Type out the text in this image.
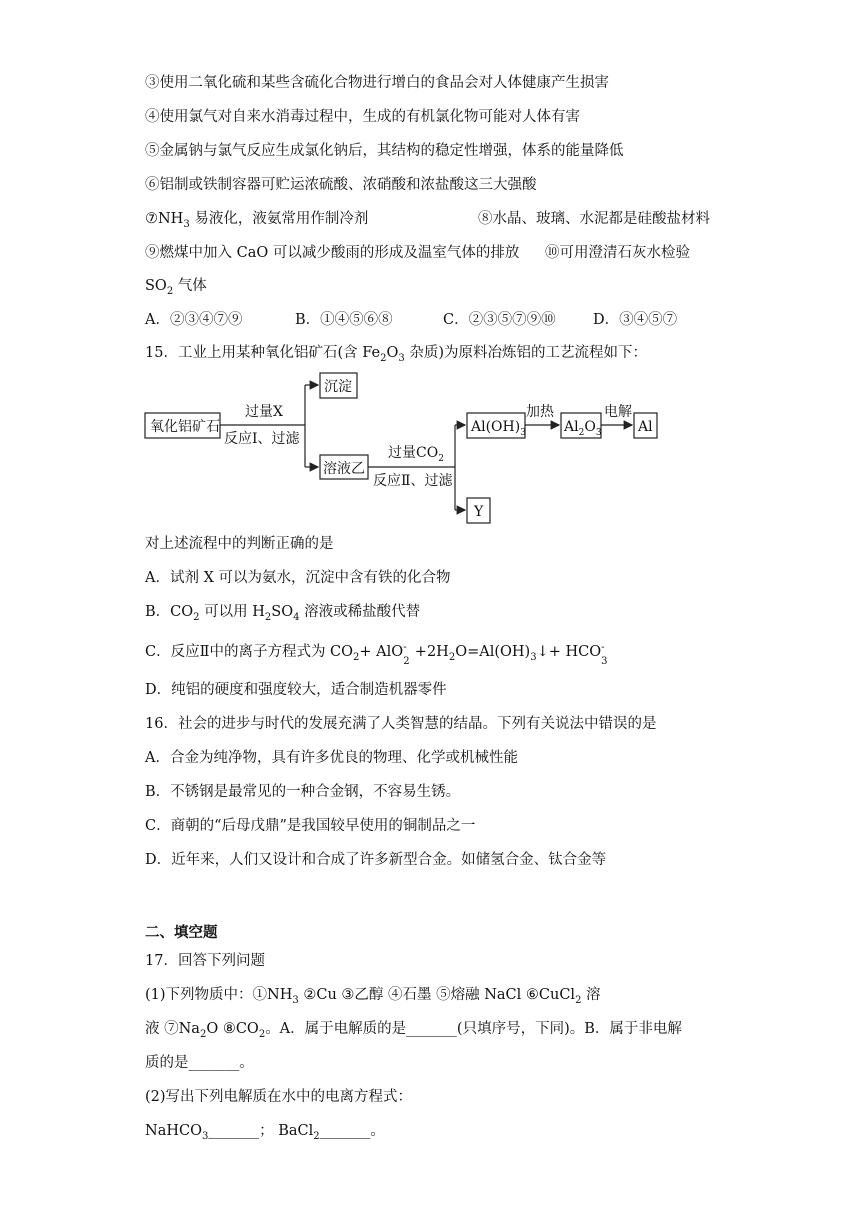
③使用二氧化硫和某些含硫化合物进行增白的食品会对人体健康产生损害
④使用氯气对自来水消毒过程中，生成的有机氯化物可能对人体有害
⑤金属钠与氯气反应生成氯化钠后，其结构的稳定性增强，体系的能量降低
⑥铝制或铁制容器可贮运浓硫酸、浓硝酸和浓盐酸这三大强酸
$⑦NH_3$ 易液化，液氨常用作制冷剂	⑧水晶、玻璃、水泥都是硅酸盐材料
⑨燃煤中加入 CaO 可以减少酸雨的形成及温室气体的排放 ⑩可用澄清石灰水检验
$SO_2$ 气体
A．②③④⑦⑨	B．①④⑤⑥⑧	C．②③⑤⑦⑨⑩	D．③④⑤⑦
15．工业上用某种氧化铝矿石(含 $Fe_2O_3$ 杂质)为原料冶炼铝的工艺流程如下：
氧化铝矿石
过量X
反应Ⅰ、过滤
沉淀
溶液乙
过量$CO_2$
反应Ⅱ、过滤
$Al(OH)_3$
加热
$Al_2O_3$
电解
Al
Y
对上述流程中的判断正确的是
A．试剂 X 可以为氨水，沉淀中含有铁的化合物
B．$CO_2$ 可以用 $H_2SO_4$ 溶液或稀盐酸代替
C．反应Ⅱ中的离子方程式为 $CO_2+$ AlO -
2
$+2H_2O=Al(OH)_3↓+$ HCO -
3
D．纯铝的硬度和强度较大，适合制造机器零件
16．社会的进步与时代的发展充满了人类智慧的结晶。下列有关说法中错误的是
A．合金为纯净物，具有许多优良的物理、化学或机械性能
B．不锈钢是最常见的一种合金钢，不容易生锈。
C．商朝的“后母戊鼎”是我国较早使用的铜制品之一
D．近年来，人们又设计和合成了许多新型合金。如储氢合金、钛合金等
二、填空题
17．回答下列问题
(1)下列物质中：$①NH_3$ ②Cu ③乙醇 ④石墨 ⑤熔融 NaCl ⑥CuCl$_2$ 溶
液 $⑦Na_2O$ $⑧CO_2$。A．属于电解质的是_______(只填序号，下同)。B．属于非电解
质的是_______。
(2)写出下列电解质在水中的电离方程式：
NaHCO$_3$_______； BaCl$_2$_______。
